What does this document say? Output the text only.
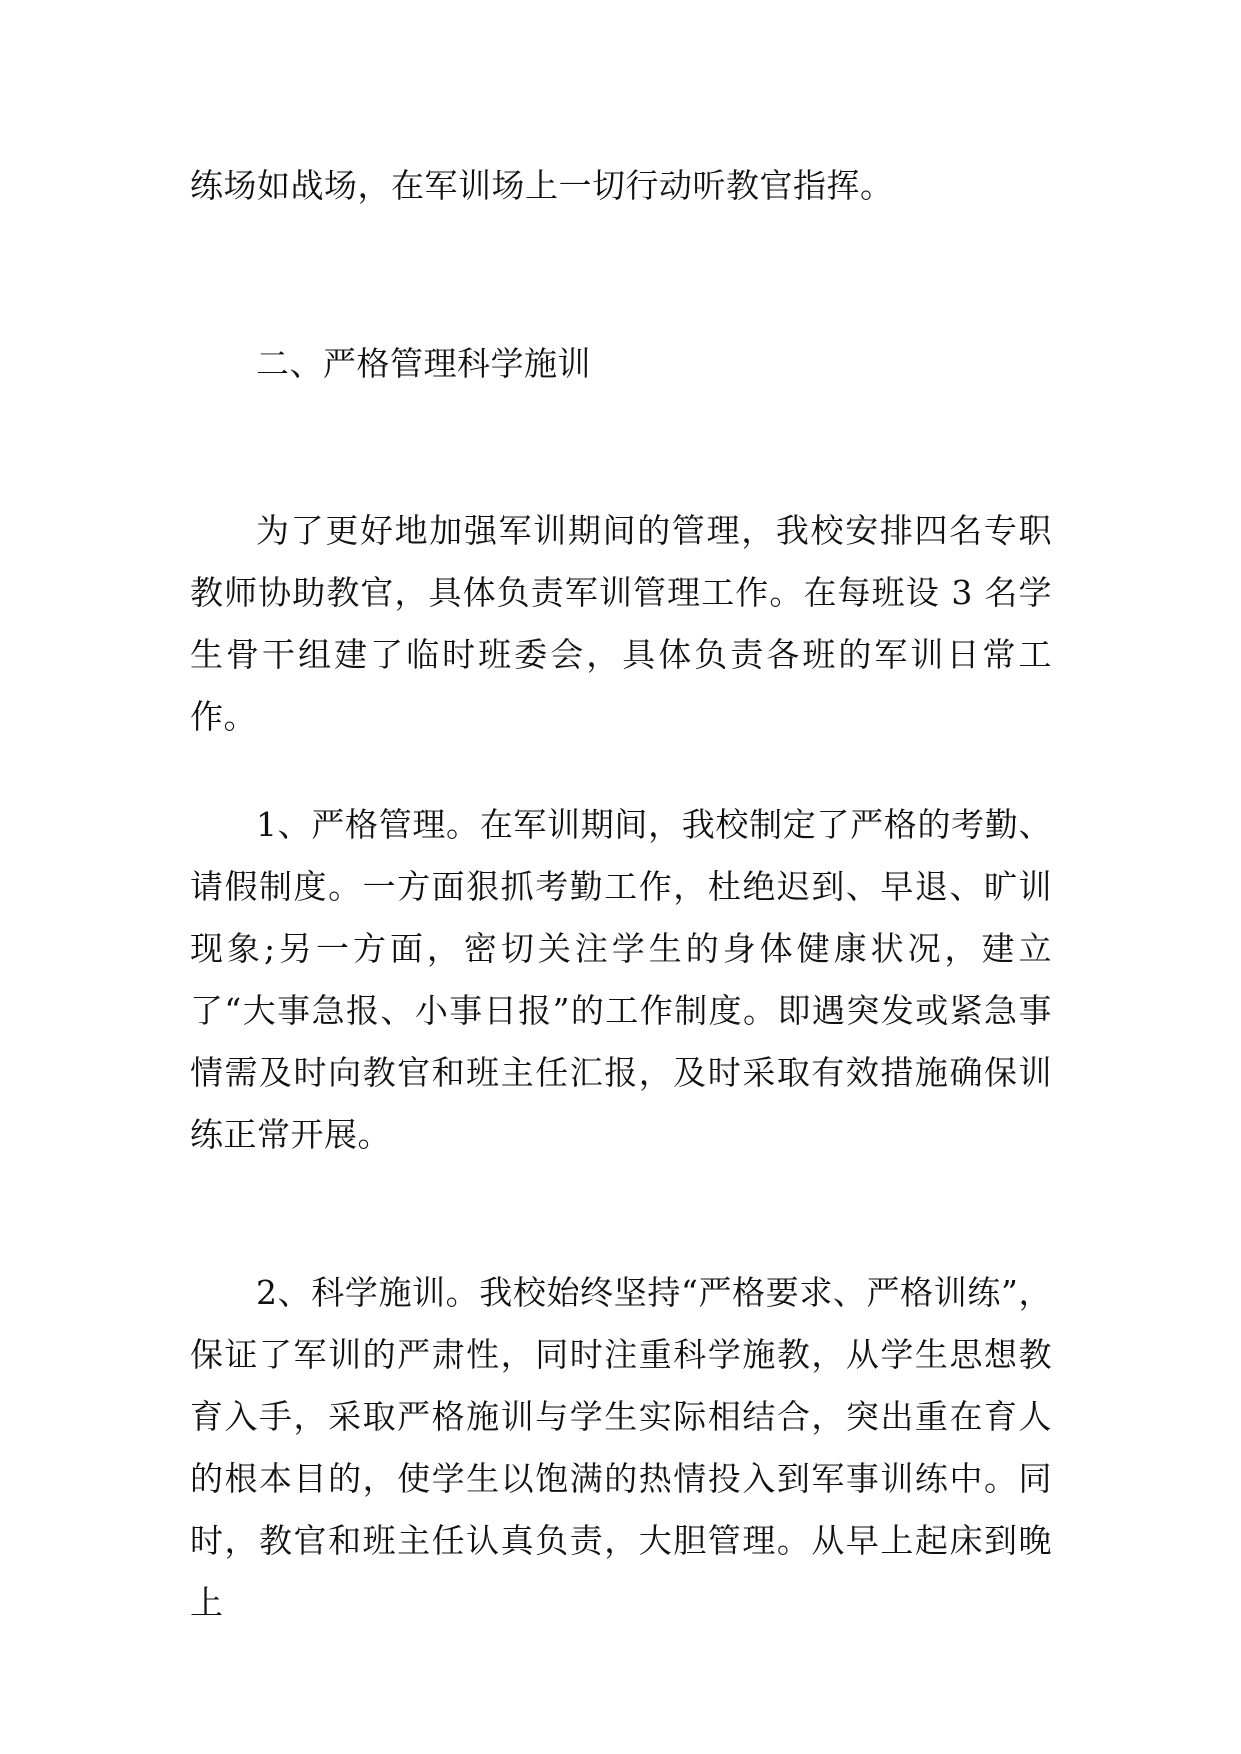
练场如战场，在军训场上一切行动听教官指挥。

二、严格管理科学施训

为了更好地加强军训期间的管理，我校安排四名专职教师协助教官，具体负责军训管理工作。在每班设 3 名学生骨干组建了临时班委会，具体负责各班的军训日常工作。

1、严格管理。在军训期间，我校制定了严格的考勤、请假制度。一方面狠抓考勤工作，杜绝迟到、早退、旷训现象;另一方面，密切关注学生的身体健康状况，建立了“大事急报、小事日报”的工作制度。即遇突发或紧急事情需及时向教官和班主任汇报，及时采取有效措施确保训练正常开展。

2、科学施训。我校始终坚持“严格要求、严格训练”，保证了军训的严肃性，同时注重科学施教，从学生思想教育入手，采取严格施训与学生实际相结合，突出重在育人的根本目的，使学生以饱满的热情投入到军事训练中。同时，教官和班主任认真负责，大胆管理。从早上起床到晚上
